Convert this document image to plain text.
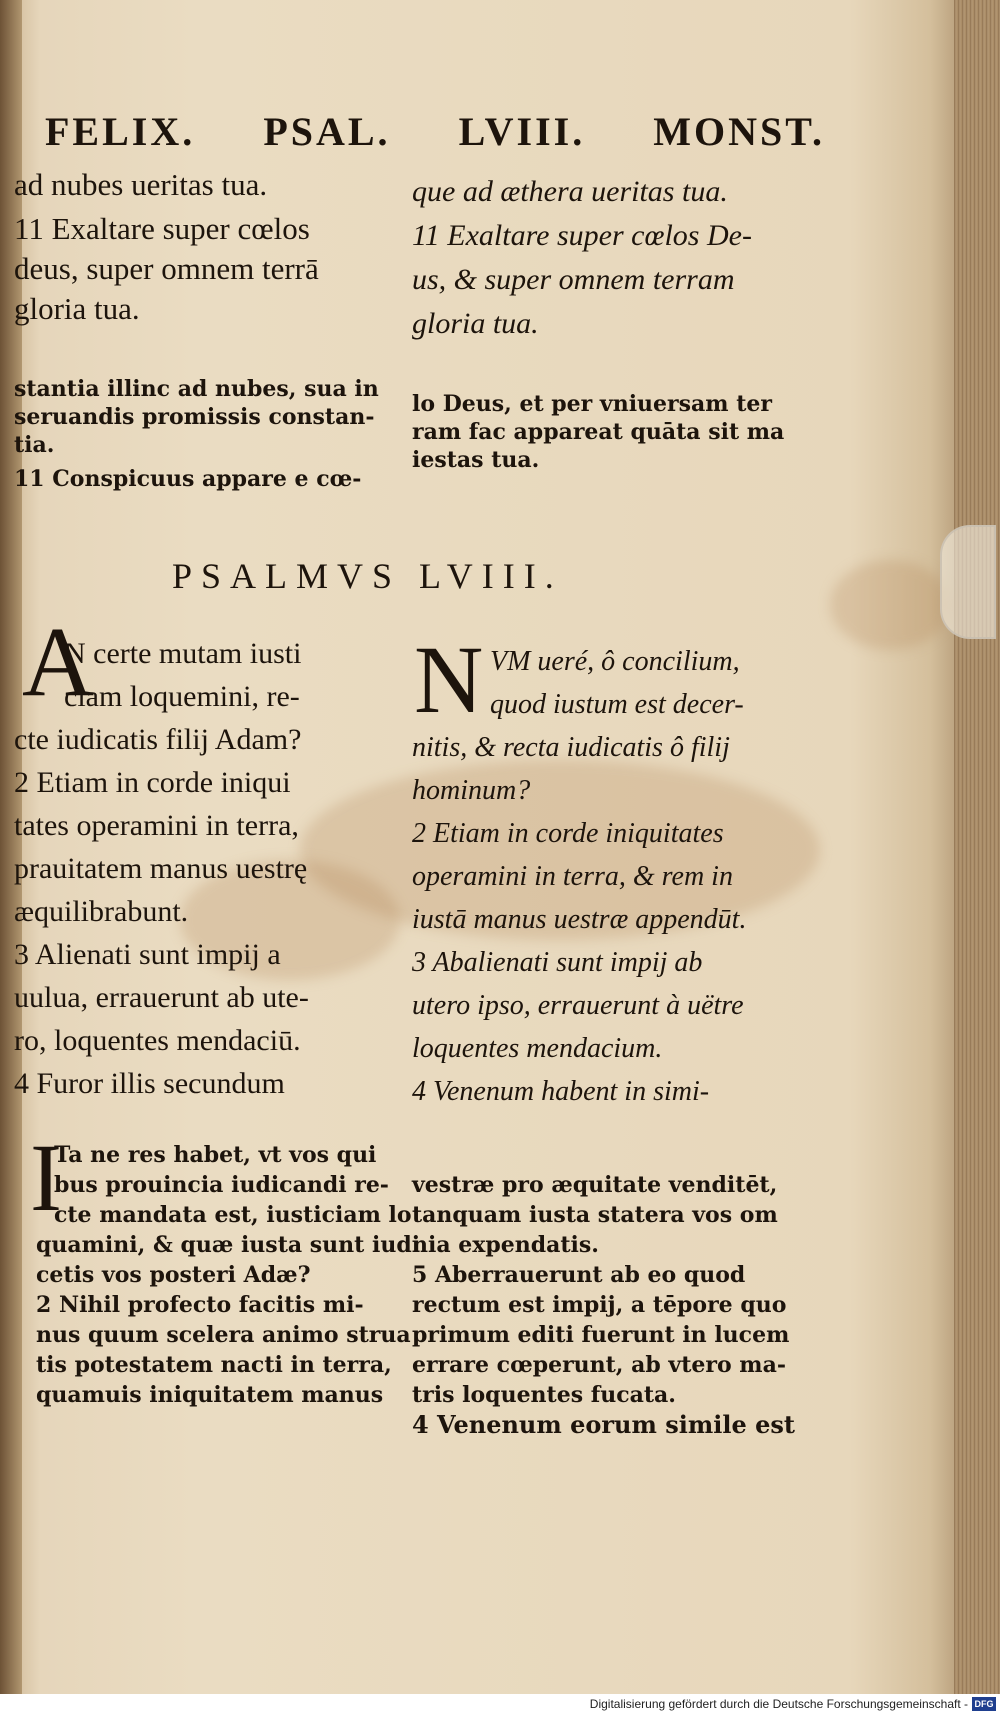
FELIX. PSAL. LVIII. MONST.
ad nubes ueritas tua.
11 Exaltare super cœlos
deus, super omnem terrā
gloria tua.
que ad æthera ueritas tua.
11 Exaltare super cœlos De-
us, & super omnem terram
gloria tua.
stantia illinc ad nubes, sua in
seruandis promissis constan-
tia.
11 Conspicuus appare e cœ-
lo Deus, et per vniuersam ter
ram fac appareat quāta sit ma
iestas tua.
PSALMVS LVIII.
A
N certe mutam iusti
ciam loquemini, re-
cte iudicatis filij Adam?
2 Etiam in corde iniqui
tates operamini in terra,
prauitatem manus uestrę
æquilibrabunt.
3 Alienati sunt impij a
uulua, errauerunt ab ute-
ro, loquentes mendaciū.
4 Furor illis secundum
N VM ueré, ô concilium,
quod iustum est decer-
nitis, & recta iudicatis ô filij
hominum?
2 Etiam in corde iniquitates
operamini in terra, & rem in
iustā manus uestræ appendūt.
3 Abalienati sunt impij ab
utero ipso, errauerunt à uëtre
loquentes mendacium.
4 Venenum habent in simi-
I
Ta ne res habet, vt vos qui
bus prouincia iudicandi re-
cte mandata est, iusticiam lo
quamini, & quæ iusta sunt iudi
cetis vos posteri Adæ?
2 Nihil profecto facitis mi-
nus quum scelera animo strua
tis potestatem nacti in terra,
quamuis iniquitatem manus
vestræ pro æquitate venditēt,
tanquam iusta statera vos om
nia expendatis.
5 Aberrauerunt ab eo quod
rectum est impij, a tēpore quo
primum editi fuerunt in lucem
errare cœperunt, ab vtero ma-
tris loquentes fucata.
4 Venenum eorum simile est
Digitalisierung gefördert durch die Deutsche Forschungsgemeinschaft - DFG
